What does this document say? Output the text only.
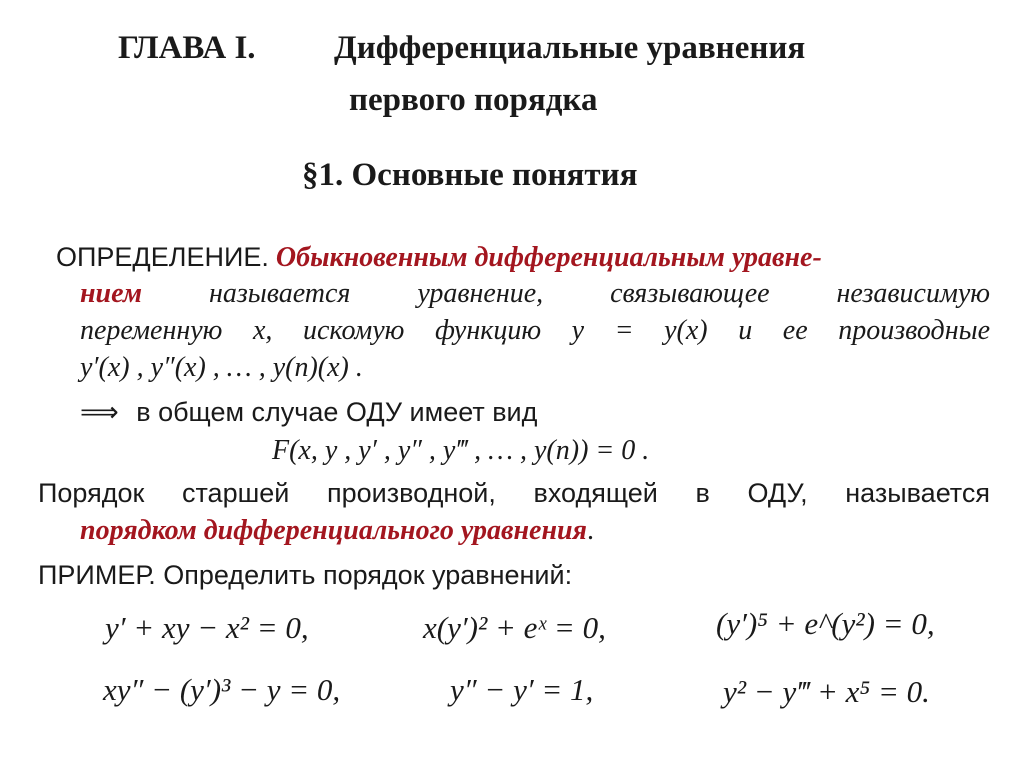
ГЛАВА I. Дифференциальные уравнения
первого порядка
§1. Основные понятия
ОПРЕДЕЛЕНИЕ. Обыкновенным дифференциальным уравне-
нием называется уравнение, связывающее независимую
переменную x, искомую функцию y = y(x) и ее производные
y′(x) , y″(x) , … , y(n)(x) .
⟹ в общем случае ОДУ имеет вид
F(x, y , y′ , y″ , y‴ , … , y(n)) = 0 .
Порядок старшей производной, входящей в ОДУ, называется
порядком дифференциального уравнения.
ПРИМЕР. Определить порядок уравнений:
y′ + xy − x² = 0,	x(y′)² + eˣ = 0,	(y′)⁵ + e^(y²) = 0,
xy″ − (y′)³ − y = 0,	y″ − y′ = 1,	y² − y‴ + x⁵ = 0.
